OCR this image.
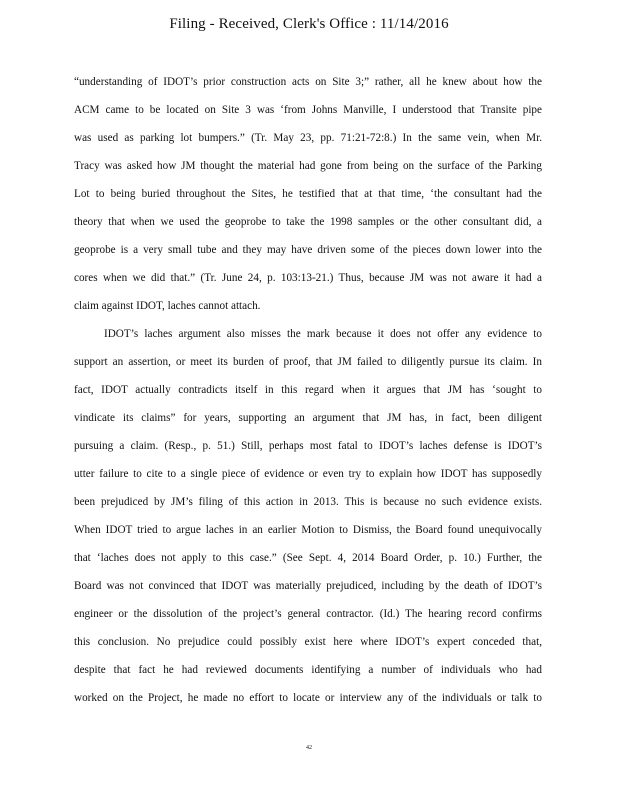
Filing - Received, Clerk's Office : 11/14/2016
“understanding of IDOT’s prior construction acts on Site 3;” rather, all he knew about how the
ACM came to be located on Site 3 was ‘from Johns Manville, I understood that Transite pipe
was used as parking lot bumpers.” (Tr. May 23, pp. 71:21-72:8.) In the same vein, when Mr.
Tracy was asked how JM thought the material had gone from being on the surface of the Parking
Lot to being buried throughout the Sites, he testified that at that time, ‘the consultant had the
theory that when we used the geoprobe to take the 1998 samples or the other consultant did, a
geoprobe is a very small tube and they may have driven some of the pieces down lower into the
cores when we did that.” (Tr. June 24, p. 103:13-21.) Thus, because JM was not aware it had a
claim against IDOT, laches cannot attach.
IDOT’s laches argument also misses the mark because it does not offer any evidence to
support an assertion, or meet its burden of proof, that JM failed to diligently pursue its claim. In
fact, IDOT actually contradicts itself in this regard when it argues that JM has ‘sought to
vindicate its claims” for years, supporting an argument that JM has, in fact, been diligent
pursuing a claim. (Resp., p. 51.) Still, perhaps most fatal to IDOT’s laches defense is IDOT’s
utter failure to cite to a single piece of evidence or even try to explain how IDOT has supposedly
been prejudiced by JM’s filing of this action in 2013. This is because no such evidence exists.
When IDOT tried to argue laches in an earlier Motion to Dismiss, the Board found unequivocally
that ‘laches does not apply to this case.” (See Sept. 4, 2014 Board Order, p. 10.) Further, the
Board was not convinced that IDOT was materially prejudiced, including by the death of IDOT’s
engineer or the dissolution of the project’s general contractor. (Id.) The hearing record confirms
this conclusion. No prejudice could possibly exist here where IDOT’s expert conceded that,
despite that fact he had reviewed documents identifying a number of individuals who had
worked on the Project, he made no effort to locate or interview any of the individuals or talk to
42
